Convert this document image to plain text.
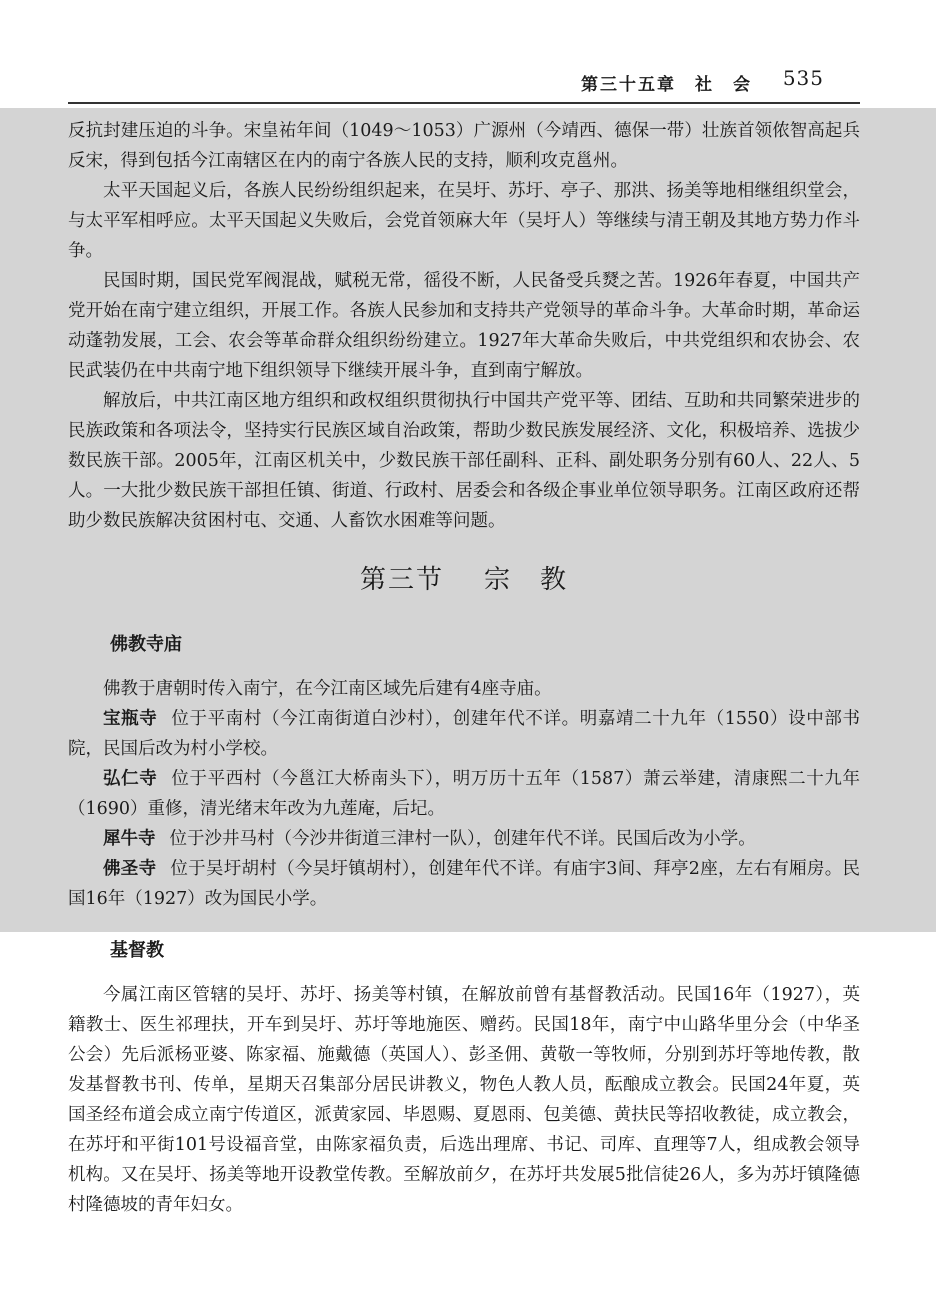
第三十五章　社　会 535

反抗封建压迫的斗争。宋皇祐年间（1049～1053）广源州（今靖西、德保一带）壮族首领侬智高起兵反宋，得到包括今江南辖区在内的南宁各族人民的支持，顺利攻克邕州。

太平天国起义后，各族人民纷纷组织起来，在吴圩、苏圩、亭子、那洪、扬美等地相继组织堂会，与太平军相呼应。太平天国起义失败后，会党首领麻大年（吴圩人）等继续与清王朝及其地方势力作斗争。

民国时期，国民党军阀混战，赋税无常，徭役不断，人民备受兵燹之苦。1926年春夏，中国共产党开始在南宁建立组织，开展工作。各族人民参加和支持共产党领导的革命斗争。大革命时期，革命运动蓬勃发展，工会、农会等革命群众组织纷纷建立。1927年大革命失败后，中共党组织和农协会、农民武装仍在中共南宁地下组织领导下继续开展斗争，直到南宁解放。

解放后，中共江南区地方组织和政权组织贯彻执行中国共产党平等、团结、互助和共同繁荣进步的民族政策和各项法令，坚持实行民族区域自治政策，帮助少数民族发展经济、文化，积极培养、选拔少数民族干部。2005年，江南区机关中，少数民族干部任副科、正科、副处职务分别有60人、22人、5人。一大批少数民族干部担任镇、街道、行政村、居委会和各级企事业单位领导职务。江南区政府还帮助少数民族解决贫困村屯、交通、人畜饮水困难等问题。

第三节 宗　教
佛教寺庙

佛教于唐朝时传入南宁，在今江南区域先后建有4座寺庙。

宝瓶寺 位于平南村（今江南街道白沙村），创建年代不详。明嘉靖二十九年（1550）设中部书院，民国后改为村小学校。

弘仁寺 位于平西村（今邕江大桥南头下），明万历十五年（1587）萧云举建，清康熙二十九年（1690）重修，清光绪末年改为九莲庵，后圮。

犀牛寺 位于沙井马村（今沙井街道三津村一队），创建年代不详。民国后改为小学。

佛圣寺 位于吴圩胡村（今吴圩镇胡村），创建年代不详。有庙宇3间、拜亭2座，左右有厢房。民国16年（1927）改为国民小学。

基督教

今属江南区管辖的吴圩、苏圩、扬美等村镇，在解放前曾有基督教活动。民国16年（1927），英籍教士、医生祁理扶，开车到吴圩、苏圩等地施医、赠药。民国18年，南宁中山路华里分会（中华圣公会）先后派杨亚婆、陈家福、施戴德（英国人）、彭圣佣、黄敬一等牧师，分别到苏圩等地传教，散发基督教书刊、传单，星期天召集部分居民讲教义，物色人教人员，酝酿成立教会。民国24年夏，英国圣经布道会成立南宁传道区，派黄家园、毕恩赐、夏恩雨、包美德、黄扶民等招收教徒，成立教会，在苏圩和平街101号设福音堂，由陈家福负责，后选出理席、书记、司库、直理等7人，组成教会领导机构。又在吴圩、扬美等地开设教堂传教。至解放前夕，在苏圩共发展5批信徒26人，多为苏圩镇隆德村隆德坡的青年妇女。
